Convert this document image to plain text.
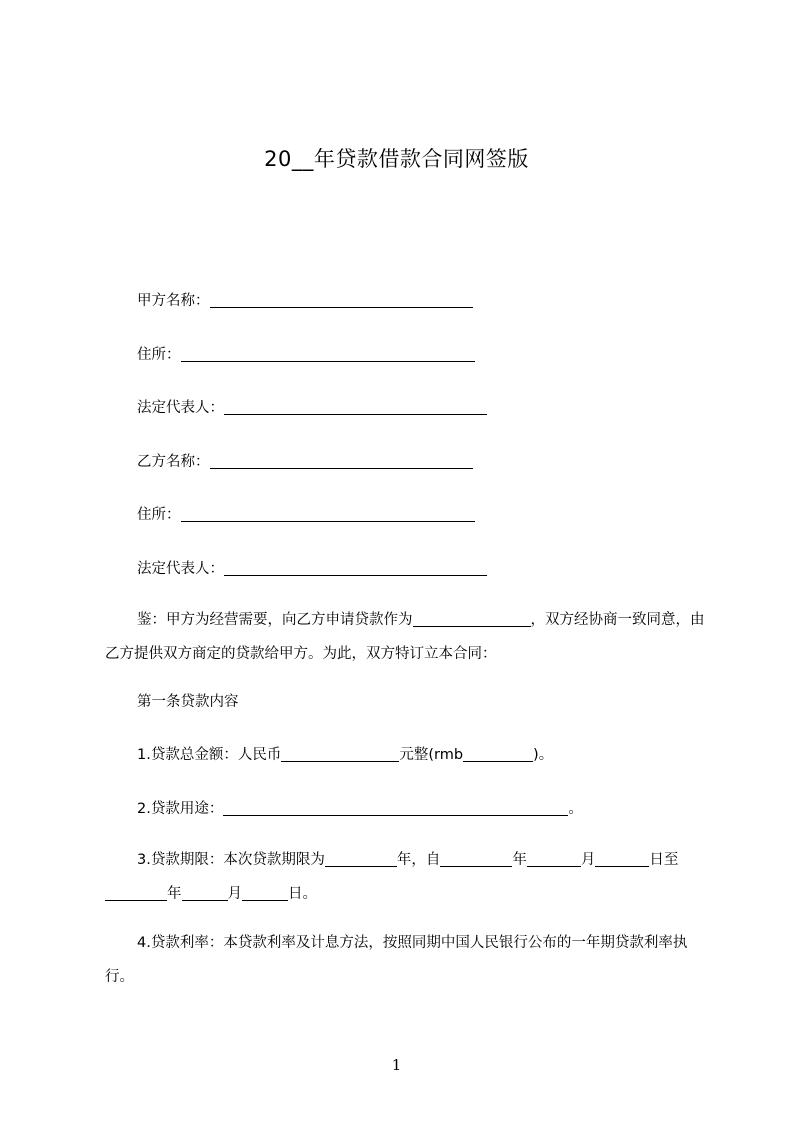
20__年贷款借款合同网签版
甲方名称：
住所：
法定代表人：
乙方名称：
住所：
法定代表人：
鉴：甲方为经营需要，向乙方申请贷款作为	，双方经协商一致同意，由乙方提供双方商定的贷款给甲方。为此，双方特订立本合同：
第一条贷款内容
1.贷款总金额：人民币	元整(rmb	)。
2.贷款用途：	。
3.贷款期限：本次贷款期限为	年，自	年	月	日至年	月	日。
4.贷款利率：本贷款利率及计息方法，按照同期中国人民银行公布的一年期贷款利率执行。
1
